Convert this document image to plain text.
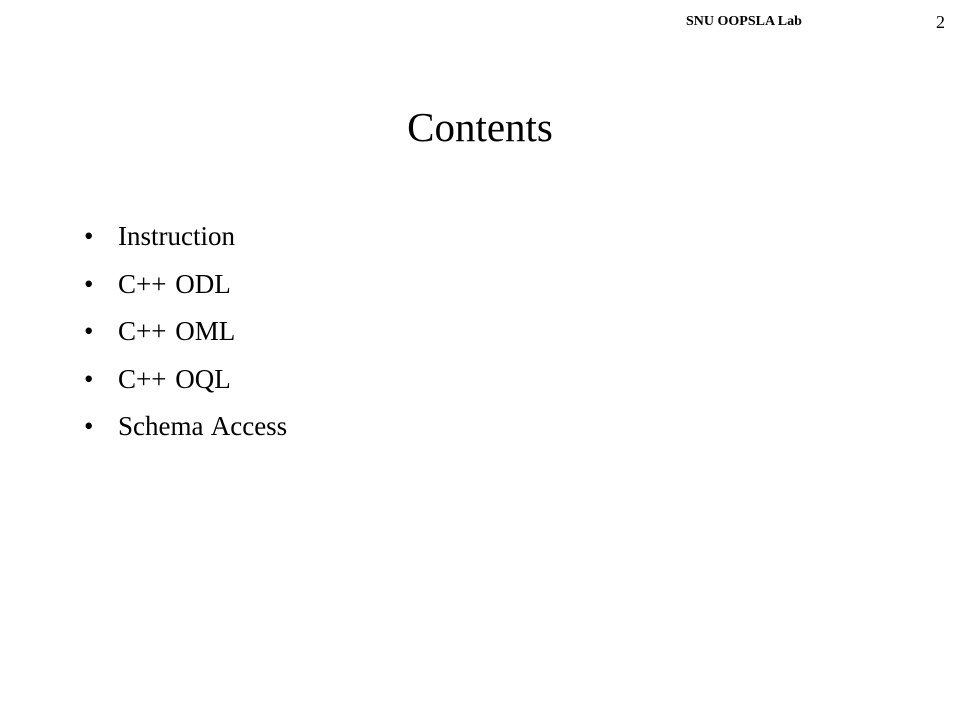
SNU OOPSLA Lab	2
Contents
• Instruction
• C++ ODL
• C++ OML
• C++ OQL
• Schema Access
